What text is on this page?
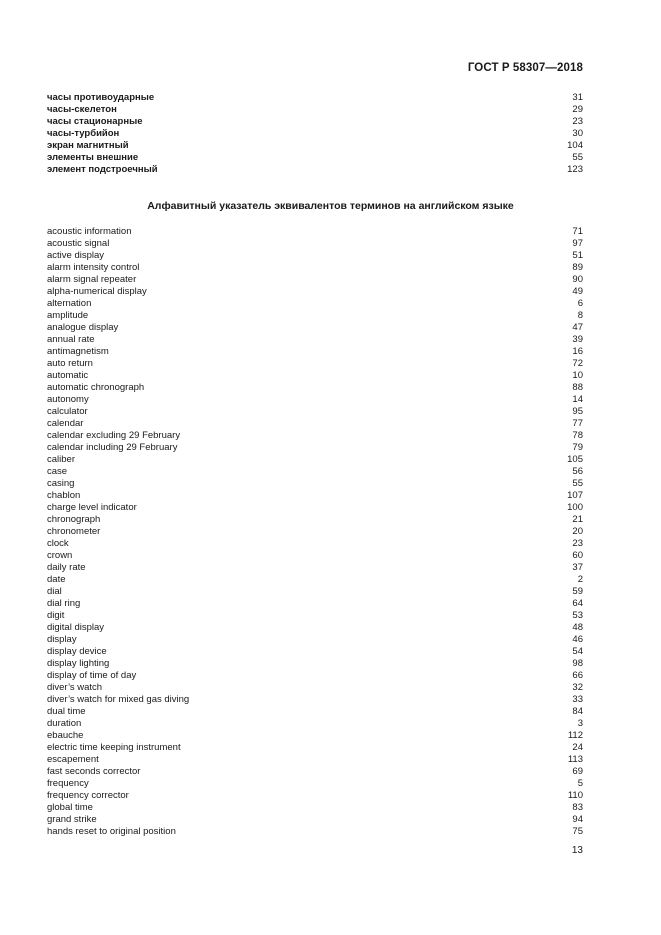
ГОСТ Р 58307—2018
часы противоударные	31
часы-скелетон	29
часы стационарные	23
часы-турбийон	30
экран магнитный	104
элементы внешние	55
элемент подстроечный	123
Алфавитный указатель эквивалентов терминов на английском языке
acoustic information	71
acoustic signal	97
active display	51
alarm intensity control	89
alarm signal repeater	90
alpha-numerical display	49
alternation	6
amplitude	8
analogue display	47
annual rate	39
antimagnetism	16
auto return	72
automatic	10
automatic chronograph	88
autonomy	14
calculator	95
calendar	77
calendar excluding 29 February	78
calendar including 29 February	79
caliber	105
case	56
casing	55
chablon	107
charge level indicator	100
chronograph	21
chronometer	20
clock	23
crown	60
daily rate	37
date	2
dial	59
dial ring	64
digit	53
digital display	48
display	46
display device	54
display lighting	98
display of time of day	66
diver’s watch	32
diver’s watch for mixed gas diving	33
dual time	84
duration	3
ebauche	112
electric time keeping instrument	24
escapement	113
fast seconds corrector	69
frequency	5
frequency corrector	110
global time	83
grand strike	94
hands reset to original position	75
13
